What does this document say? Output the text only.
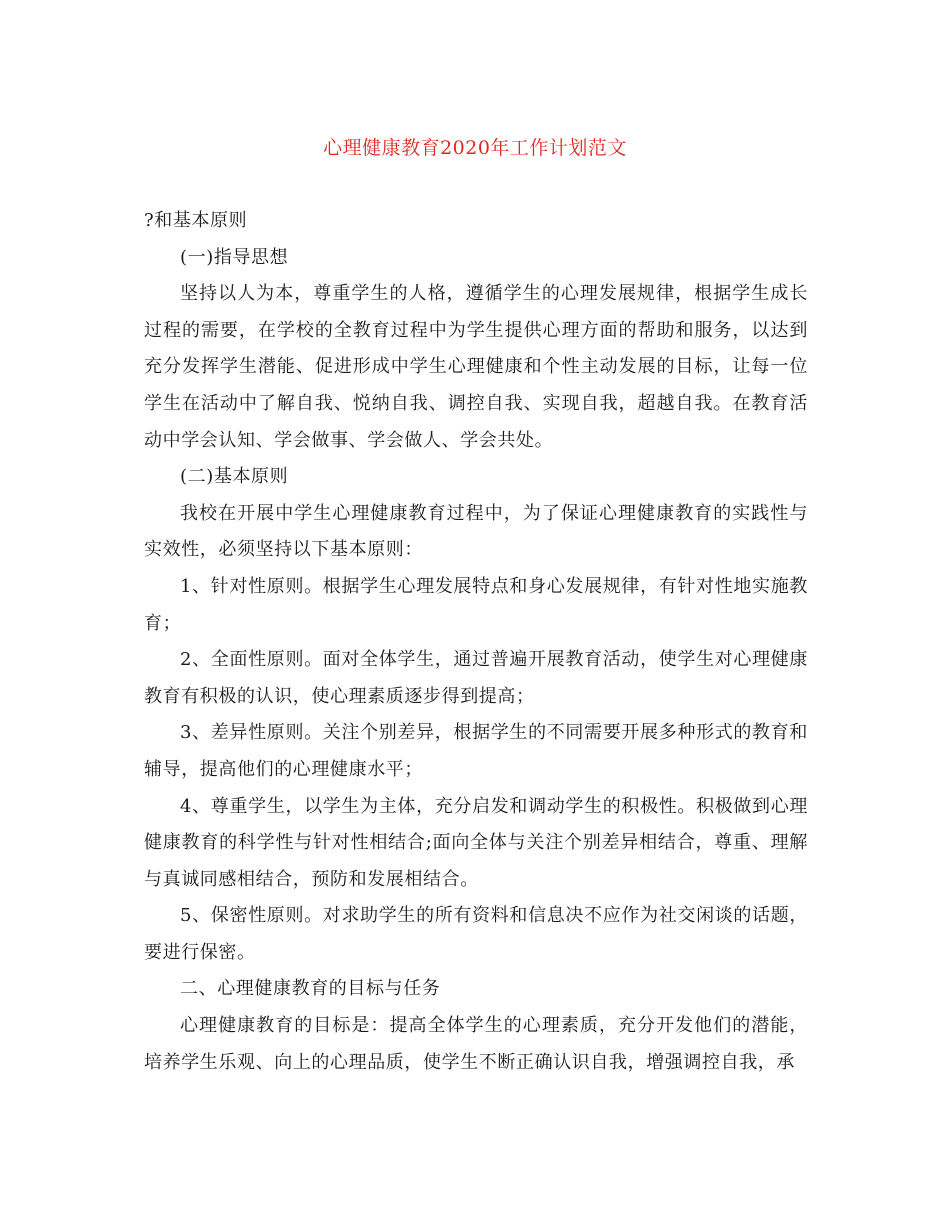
心理健康教育2020年工作计划范文

?和基本原则

(一)指导思想

坚持以人为本，尊重学生的人格，遵循学生的心理发展规律，根据学生成长过程的需要，在学校的全教育过程中为学生提供心理方面的帮助和服务，以达到充分发挥学生潜能、促进形成中学生心理健康和个性主动发展的目标，让每一位学生在活动中了解自我、悦纳自我、调控自我、实现自我，超越自我。在教育活动中学会认知、学会做事、学会做人、学会共处。

(二)基本原则

我校在开展中学生心理健康教育过程中，为了保证心理健康教育的实践性与实效性，必须坚持以下基本原则：

1、针对性原则。根据学生心理发展特点和身心发展规律，有针对性地实施教育；

2、全面性原则。面对全体学生，通过普遍开展教育活动，使学生对心理健康教育有积极的认识，使心理素质逐步得到提高；

3、差异性原则。关注个别差异，根据学生的不同需要开展多种形式的教育和辅导，提高他们的心理健康水平；

4、尊重学生，以学生为主体，充分启发和调动学生的积极性。积极做到心理健康教育的科学性与针对性相结合;面向全体与关注个别差异相结合，尊重、理解与真诚同感相结合，预防和发展相结合。

5、保密性原则。对求助学生的所有资料和信息决不应作为社交闲谈的话题，要进行保密。

二、心理健康教育的目标与任务

心理健康教育的目标是：提高全体学生的心理素质，充分开发他们的潜能，培养学生乐观、向上的心理品质，使学生不断正确认识自我，增强调控自我，承
